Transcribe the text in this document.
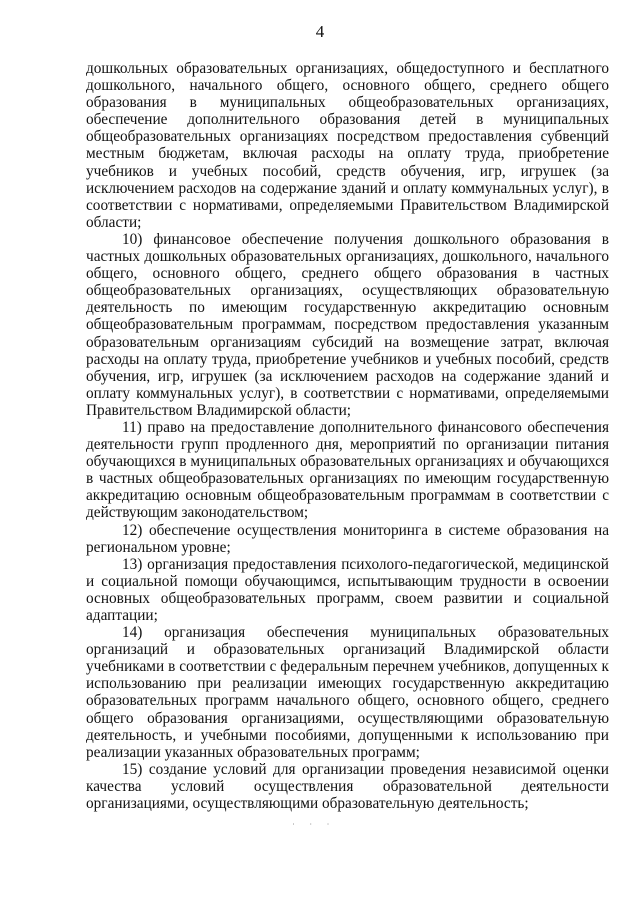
4

дошкольных образовательных организациях, общедоступного и бесплатного дошкольного, начального общего, основного общего, среднего общего образования в муниципальных общеобразовательных организациях, обеспечение дополнительного образования детей в муниципальных общеобразовательных организациях посредством предоставления субвенций местным бюджетам, включая расходы на оплату труда, приобретение учебников и учебных пособий, средств обучения, игр, игрушек (за исключением расходов на содержание зданий и оплату коммунальных услуг), в соответствии с нормативами, определяемыми Правительством Владимирской области;

10) финансовое обеспечение получения дошкольного образования в частных дошкольных образовательных организациях, дошкольного, начального общего, основного общего, среднего общего образования в частных общеобразовательных организациях, осуществляющих образовательную деятельность по имеющим государственную аккредитацию основным общеобразовательным программам, посредством предоставления указанным образовательным организациям субсидий на возмещение затрат, включая расходы на оплату труда, приобретение учебников и учебных пособий, средств обучения, игр, игрушек (за исключением расходов на содержание зданий и оплату коммунальных услуг), в соответствии с нормативами, определяемыми Правительством Владимирской области;

11) право на предоставление дополнительного финансового обеспечения деятельности групп продленного дня, мероприятий по организации питания обучающихся в муниципальных образовательных организациях и обучающихся в частных общеобразовательных организациях по имеющим государственную аккредитацию основным общеобразовательным программам в соответствии с действующим законодательством;

12) обеспечение осуществления мониторинга в системе образования на региональном уровне;

13) организация предоставления психолого-педагогической, медицинской и социальной помощи обучающимся, испытывающим трудности в освоении основных общеобразовательных программ, своем развитии и социальной адаптации;

14) организация обеспечения муниципальных образовательных организаций и образовательных организаций Владимирской области учебниками в соответствии с федеральным перечнем учебников, допущенных к использованию при реализации имеющих государственную аккредитацию образовательных программ начального общего, основного общего, среднего общего образования организациями, осуществляющими образовательную деятельность, и учебными пособиями, допущенными к использованию при реализации указанных образовательных программ;

15) создание условий для организации проведения независимой оценки качества условий осуществления образовательной деятельности организациями, осуществляющими образовательную деятельность;

˙ ˙ ˙
